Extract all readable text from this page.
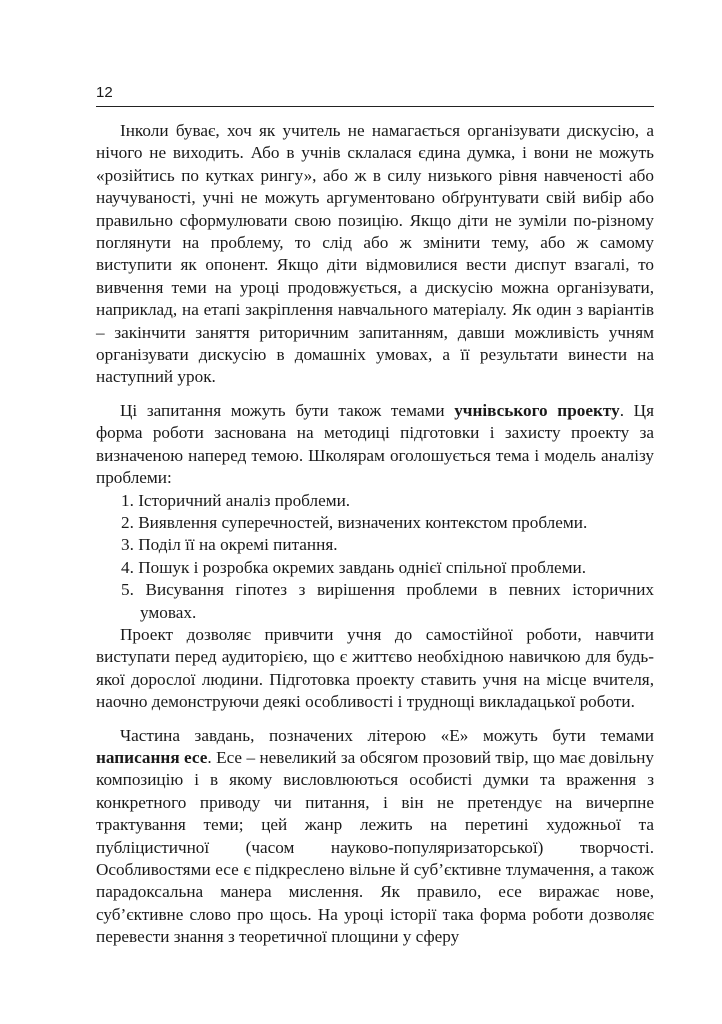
12

Інколи буває, хоч як учитель не намагається організувати дискусію, а нічого не виходить. Або в учнів склалася єдина думка, і вони не можуть «розійтись по кутках рингу», або ж в силу низького рівня навченості або научуваності, учні не можуть аргументовано обґрунтувати свій вибір або правильно сформулювати свою позицію. Якщо діти не зуміли по-різному поглянути на проблему, то слід або ж змінити тему, або ж самому виступити як опонент. Якщо діти відмовилися вести диспут взагалі, то вивчення теми на уроці продовжується, а дискусію можна організувати, наприклад, на етапі закріплення навчального матеріалу. Як один з варіантів – закінчити заняття риторичним запитанням, давши можливість учням організувати дискусію в домашніх умовах, а її результати винести на наступний урок.

Ці запитання можуть бути також темами учнівського проекту. Ця форма роботи заснована на методиці підготовки і захисту проекту за визначеною наперед темою. Школярам оголошується тема і модель аналізу проблеми:

1. Історичний аналіз проблеми.
2. Виявлення суперечностей, визначених контекстом проблеми.
3. Поділ її на окремі питання.
4. Пошук і розробка окремих завдань однієї спільної проблеми.
5. Висування гіпотез з вирішення проблеми в певних історичних умовах.

Проект дозволяє привчити учня до самостійної роботи, навчити виступати перед аудиторією, що є життєво необхідною навичкою для будь-якої дорослої людини. Підготовка проекту ставить учня на місце вчителя, наочно демонструючи деякі особливості і труднощі викладацької роботи.

Частина завдань, позначених літерою «Е» можуть бути темами написання есе. Есе – невеликий за обсягом прозовий твір, що має довільну композицію і в якому висловлюються особисті думки та враження з конкретного приводу чи питання, і він не претендує на вичерпне трактування теми; цей жанр лежить на перетині художньої та публіцистичної (часом науково-популяризаторської) творчості. Особливостями есе є підкреслено вільне й суб’єктивне тлумачення, а також парадоксальна манера мислення. Як правило, есе виражає нове, суб’єктивне слово про щось. На уроці історії така форма роботи дозволяє перевести знання з теоретичної площини у сферу
